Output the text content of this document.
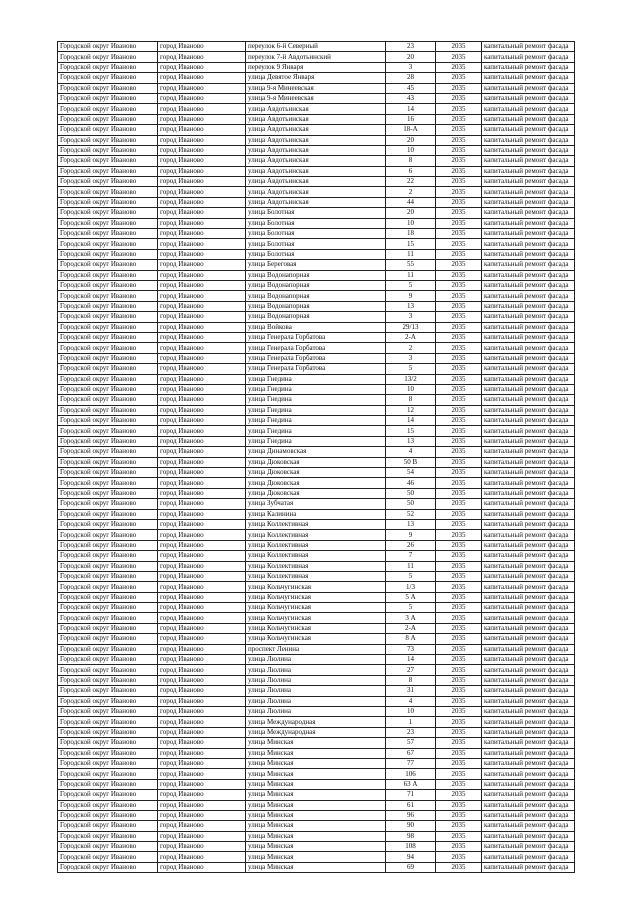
Городской округ Иваново	город Иваново	переулок 6-й Северный	23	2035	капитальный ремонт фасада
Городской округ Иваново	город Иваново	переулок 7-й Авдотьинский	20	2035	капитальный ремонт фасада
Городской округ Иваново	город Иваново	переулок 9 Января	3	2035	капитальный ремонт фасада
Городской округ Иваново	город Иваново	улица Девятое Января	28	2035	капитальный ремонт фасада
Городской округ Иваново	город Иваново	улица 9-я Минеевская	45	2035	капитальный ремонт фасада
Городской округ Иваново	город Иваново	улица 9-я Минеевская	43	2035	капитальный ремонт фасада
Городской округ Иваново	город Иваново	улица Авдотьинская	14	2035	капитальный ремонт фасада
Городской округ Иваново	город Иваново	улица Авдотьинская	16	2035	капитальный ремонт фасада
Городской округ Иваново	город Иваново	улица Авдотьинская	18-А	2035	капитальный ремонт фасада
Городской округ Иваново	город Иваново	улица Авдотьинская	20	2035	капитальный ремонт фасада
Городской округ Иваново	город Иваново	улица Авдотьинская	10	2035	капитальный ремонт фасада
Городской округ Иваново	город Иваново	улица Авдотьинская	8	2035	капитальный ремонт фасада
Городской округ Иваново	город Иваново	улица Авдотьинская	6	2035	капитальный ремонт фасада
Городской округ Иваново	город Иваново	улица Авдотьинская	22	2035	капитальный ремонт фасада
Городской округ Иваново	город Иваново	улица Авдотьинская	2	2035	капитальный ремонт фасада
Городской округ Иваново	город Иваново	улица Авдотьинская	44	2035	капитальный ремонт фасада
Городской округ Иваново	город Иваново	улица Болотная	20	2035	капитальный ремонт фасада
Городской округ Иваново	город Иваново	улица Болотная	10	2035	капитальный ремонт фасада
Городской округ Иваново	город Иваново	улица Болотная	18	2035	капитальный ремонт фасада
Городской округ Иваново	город Иваново	улица Болотная	15	2035	капитальный ремонт фасада
Городской округ Иваново	город Иваново	улица Болотная	11	2035	капитальный ремонт фасада
Городской округ Иваново	город Иваново	улица Береговая	55	2035	капитальный ремонт фасада
Городской округ Иваново	город Иваново	улица Водонапорная	11	2035	капитальный ремонт фасада
Городской округ Иваново	город Иваново	улица Водонапорная	5	2035	капитальный ремонт фасада
Городской округ Иваново	город Иваново	улица Водонапорная	9	2035	капитальный ремонт фасада
Городской округ Иваново	город Иваново	улица Водонапорная	13	2035	капитальный ремонт фасада
Городской округ Иваново	город Иваново	улица Водонапорная	3	2035	капитальный ремонт фасада
Городской округ Иваново	город Иваново	улица Войкова	29/13	2035	капитальный ремонт фасада
Городской округ Иваново	город Иваново	улица Генерала Горбатова	2-А	2035	капитальный ремонт фасада
Городской округ Иваново	город Иваново	улица Генерала Горбатова	2	2035	капитальный ремонт фасада
Городской округ Иваново	город Иваново	улица Генерала Горбатова	3	2035	капитальный ремонт фасада
Городской округ Иваново	город Иваново	улица Генерала Горбатова	5	2035	капитальный ремонт фасада
Городской округ Иваново	город Иваново	улица Гнедина	13/2	2035	капитальный ремонт фасада
Городской округ Иваново	город Иваново	улица Гнедина	10	2035	капитальный ремонт фасада
Городской округ Иваново	город Иваново	улица Гнедина	8	2035	капитальный ремонт фасада
Городской округ Иваново	город Иваново	улица Гнедина	12	2035	капитальный ремонт фасада
Городской округ Иваново	город Иваново	улица Гнедина	14	2035	капитальный ремонт фасада
Городской округ Иваново	город Иваново	улица Гнедина	15	2035	капитальный ремонт фасада
Городской округ Иваново	город Иваново	улица Гнедина	13	2035	капитальный ремонт фасада
Городской округ Иваново	город Иваново	улица Динамовская	4	2035	капитальный ремонт фасада
Городской округ Иваново	город Иваново	улица Дюковская	50 В	2035	капитальный ремонт фасада
Городской округ Иваново	город Иваново	улица Дюковская	54	2035	капитальный ремонт фасада
Городской округ Иваново	город Иваново	улица Дюковская	46	2035	капитальный ремонт фасада
Городской округ Иваново	город Иваново	улица Дюковская	50	2035	капитальный ремонт фасада
Городской округ Иваново	город Иваново	улица Зубчатая	50	2035	капитальный ремонт фасада
Городской округ Иваново	город Иваново	улица Калинина	52	2035	капитальный ремонт фасада
Городской округ Иваново	город Иваново	улица Коллективная	13	2035	капитальный ремонт фасада
Городской округ Иваново	город Иваново	улица Коллективная	9	2035	капитальный ремонт фасада
Городской округ Иваново	город Иваново	улица Коллективная	26	2035	капитальный ремонт фасада
Городской округ Иваново	город Иваново	улица Коллективная	7	2035	капитальный ремонт фасада
Городской округ Иваново	город Иваново	улица Коллективная	11	2035	капитальный ремонт фасада
Городской округ Иваново	город Иваново	улица Коллективная	5	2035	капитальный ремонт фасада
Городской округ Иваново	город Иваново	улица Кольчугинская	1/3	2035	капитальный ремонт фасада
Городской округ Иваново	город Иваново	улица Кольчугинская	5 А	2035	капитальный ремонт фасада
Городской округ Иваново	город Иваново	улица Кольчугинская	5	2035	капитальный ремонт фасада
Городской округ Иваново	город Иваново	улица Кольчугинская	3 А	2035	капитальный ремонт фасада
Городской округ Иваново	город Иваново	улица Кольчугинская	2-А	2035	капитальный ремонт фасада
Городской округ Иваново	город Иваново	улица Кольчугинская	8 А	2035	капитальный ремонт фасада
Городской округ Иваново	город Иваново	проспект Ленина	73	2035	капитальный ремонт фасада
Городской округ Иваново	город Иваново	улица Люлина	14	2035	капитальный ремонт фасада
Городской округ Иваново	город Иваново	улица Люлина	27	2035	капитальный ремонт фасада
Городской округ Иваново	город Иваново	улица Люлина	8	2035	капитальный ремонт фасада
Городской округ Иваново	город Иваново	улица Люлина	31	2035	капитальный ремонт фасада
Городской округ Иваново	город Иваново	улица Люлина	4	2035	капитальный ремонт фасада
Городской округ Иваново	город Иваново	улица Люлина	10	2035	капитальный ремонт фасада
Городской округ Иваново	город Иваново	улица Международная	1	2035	капитальный ремонт фасада
Городской округ Иваново	город Иваново	улица Международная	23	2035	капитальный ремонт фасада
Городской округ Иваново	город Иваново	улица Минская	57	2035	капитальный ремонт фасада
Городской округ Иваново	город Иваново	улица Минская	67	2035	капитальный ремонт фасада
Городской округ Иваново	город Иваново	улица Минская	77	2035	капитальный ремонт фасада
Городской округ Иваново	город Иваново	улица Минская	106	2035	капитальный ремонт фасада
Городской округ Иваново	город Иваново	улица Минская	63 А	2035	капитальный ремонт фасада
Городской округ Иваново	город Иваново	улица Минская	71	2035	капитальный ремонт фасада
Городской округ Иваново	город Иваново	улица Минская	61	2035	капитальный ремонт фасада
Городской округ Иваново	город Иваново	улица Минская	96	2035	капитальный ремонт фасада
Городской округ Иваново	город Иваново	улица Минская	90	2035	капитальный ремонт фасада
Городской округ Иваново	город Иваново	улица Минская	98	2035	капитальный ремонт фасада
Городской округ Иваново	город Иваново	улица Минская	108	2035	капитальный ремонт фасада
Городской округ Иваново	город Иваново	улица Минская	94	2035	капитальный ремонт фасада
Городской округ Иваново	город Иваново	улица Минская	69	2035	капитальный ремонт фасада
